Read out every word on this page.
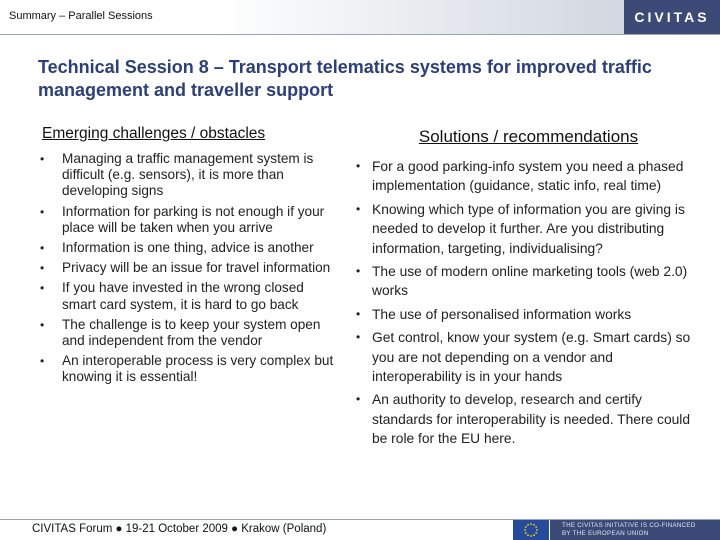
Summary – Parallel Sessions	CIVITAS
Technical Session 8 – Transport telematics systems for improved traffic management and traveller support
Emerging challenges / obstacles
• Managing a traffic management system is difficult (e.g. sensors), it is more than developing signs
• Information for parking is not enough if your place will be taken when you arrive
• Information is one thing, advice is another
• Privacy will be an issue for travel information
• If you have invested in the wrong closed smart card system, it is hard to go back
• The challenge is to keep your system open and independent from the vendor
• An interoperable process is very complex but knowing it is essential!
Solutions / recommendations
• For a good parking-info system you need a phased implementation (guidance, static info, real time)
• Knowing which type of information you are giving is needed to develop it further. Are you distributing information, targeting, individualising?
• The use of modern online marketing tools (web 2.0) works
• The use of personalised information works
• Get control, know your system (e.g. Smart cards) so you are not depending on a vendor and interoperability is in your hands
• An authority to develop, research and certify standards for interoperability is needed. There could be role for the EU here.
CIVITAS Forum ● 19-21 October 2009 ● Krakow (Poland)	THE CIVITAS INITIATIVE IS CO-FINANCED
BY THE EUROPEAN UNION
